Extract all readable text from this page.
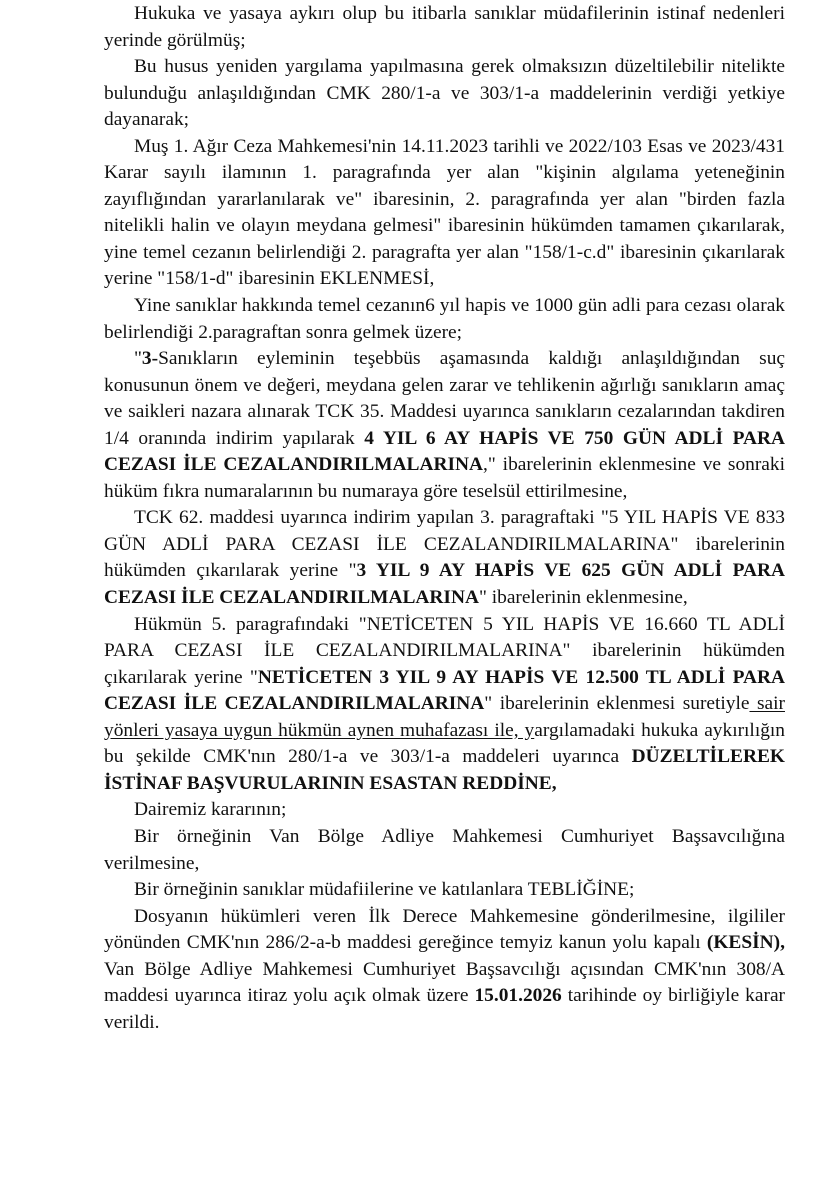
Hukuka ve yasaya aykırı olup bu itibarla sanıklar müdafilerinin istinaf nedenleri yerinde görülmüş;

Bu husus yeniden yargılama yapılmasına gerek olmaksızın düzeltilebilir nitelikte bulunduğu anlaşıldığından CMK 280/1-a ve 303/1-a maddelerinin verdiği yetkiye dayanarak;

Muş 1. Ağır Ceza Mahkemesi'nin 14.11.2023 tarihli ve 2022/103 Esas ve 2023/431 Karar sayılı ilamının 1. paragrafında yer alan "kişinin algılama yeteneğinin zayıflığından yararlanılarak ve" ibaresinin, 2. paragrafında yer alan "birden fazla nitelikli halin ve olayın meydana gelmesi" ibaresinin hükümden tamamen çıkarılarak, yine temel cezanın belirlendiği 2. paragrafta yer alan "158/1-c.d" ibaresinin çıkarılarak yerine "158/1-d" ibaresinin EKLENMESİ,

Yine sanıklar hakkında temel cezanın6 yıl hapis ve 1000 gün adli para cezası olarak belirlendiği 2.paragraftan sonra gelmek üzere;

"3-Sanıkların eyleminin teşebbüs aşamasında kaldığı anlaşıldığından suç konusunun önem ve değeri, meydana gelen zarar ve tehlikenin ağırlığı sanıkların amaç ve saikleri nazara alınarak TCK 35. Maddesi uyarınca sanıkların cezalarından takdiren 1/4 oranında indirim yapılarak 4 YIL 6 AY HAPİS VE 750 GÜN ADLİ PARA CEZASI İLE CEZALANDIRILMALARINA," ibarelerinin eklenmesine ve sonraki hüküm fıkra numaralarının bu numaraya göre teselsül ettirilmesine,

TCK 62. maddesi uyarınca indirim yapılan 3. paragraftaki "5 YIL HAPİS VE 833 GÜN ADLİ PARA CEZASI İLE CEZALANDIRILMALARINA" ibarelerinin hükümden çıkarılarak yerine "3 YIL 9 AY HAPİS VE 625 GÜN ADLİ PARA CEZASI İLE CEZALANDIRILMALARINA" ibarelerinin eklenmesine,

Hükmün 5. paragrafındaki "NETİCETEN 5 YIL HAPİS VE 16.660 TL ADLİ PARA CEZASI İLE CEZALANDIRILMALARINA" ibarelerinin hükümden çıkarılarak yerine "NETİCETEN 3 YIL 9 AY HAPİS VE 12.500 TL ADLİ PARA CEZASI İLE CEZALANDIRILMALARINA" ibarelerinin eklenmesi suretiyle sair yönleri yasaya uygun hükmün aynen muhafazası ile, yargılamadaki hukuka aykırılığın bu şekilde CMK'nın 280/1-a ve 303/1-a maddeleri uyarınca DÜZELTİLEREK İSTİNAF BAŞVURULARININ ESASTAN REDDİNE,

Dairemiz kararının;

Bir örneğinin Van Bölge Adliye Mahkemesi Cumhuriyet Başsavcılığına verilmesine,

Bir örneğinin sanıklar müdafiilerine ve katılanlara TEBLİĞİNE;

Dosyanın hükümleri veren İlk Derece Mahkemesine gönderilmesine, ilgililer yönünden CMK'nın 286/2-a-b maddesi gereğince temyiz kanun yolu kapalı (KESİN), Van Bölge Adliye Mahkemesi Cumhuriyet Başsavcılığı açısından CMK'nın 308/A maddesi uyarınca itiraz yolu açık olmak üzere 15.01.2026 tarihinde oy birliğiyle karar verildi.
